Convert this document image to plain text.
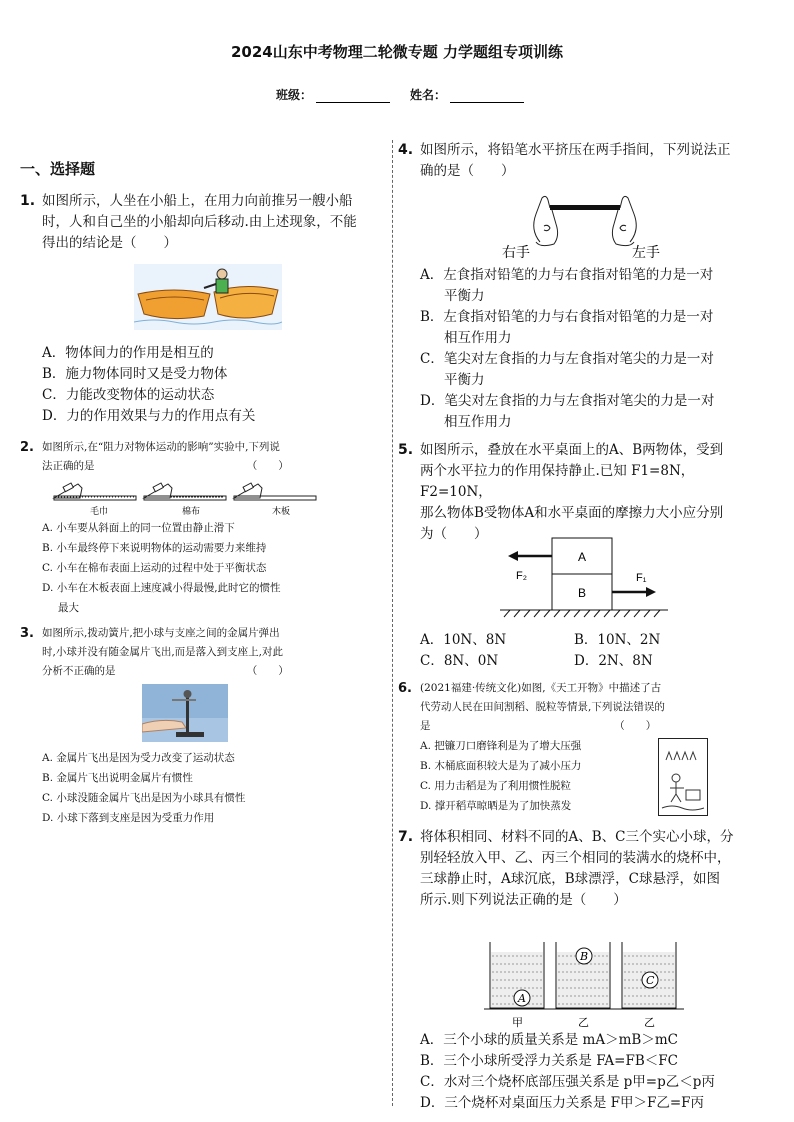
2024山东中考物理二轮微专题 力学题组专项训练
班级：	姓名：
一、选择题
1. 如图所示，人坐在小船上，在用力向前推另一艘小船
时，人和自己坐的小船却向后移动.由上述现象，不能
得出的结论是（　　）
A．物体间力的作用是相互的
B．施力物体同时又是受力物体
C．力能改变物体的运动状态
D．力的作用效果与力的作用点有关
2. 如图所示,在“阻力对物体运动的影响”实验中,下列说
法正确的是　　　　　　　　　　　　　　　（　　）
毛巾	棉布	木板
A. 小车要从斜面上的同一位置由静止滑下
B. 小车最终停下来说明物体的运动需要力来维持
C. 小车在棉布表面上运动的过程中处于平衡状态
D. 小车在木板表面上速度减小得最慢,此时它的惯性
最大
3. 如图所示,拨动簧片,把小球与支座之间的金属片弹出
时,小球并没有随金属片飞出,而是落入到支座上,对此
分析不正确的是　　　　　　　　　　　　　（　　）
A. 金属片飞出是因为受力改变了运动状态
B. 金属片飞出说明金属片有惯性
C. 小球没随金属片飞出是因为小球具有惯性
D. 小球下落到支座是因为受重力作用
4. 如图所示，将铅笔水平挤压在两手指间，下列说法正
确的是（　　）
右手	左手
A．左食指对铅笔的力与右食指对铅笔的力是一对
平衡力
B．左食指对铅笔的力与右食指对铅笔的力是一对
相互作用力
C．笔尖对左食指的力与左食指对笔尖的力是一对
平衡力
D．笔尖对左食指的力与左食指对笔尖的力是一对
相互作用力
5. 如图所示，叠放在水平桌面上的A、B两物体，受到
两个水平拉力的作用保持静止.已知 F1=8N，F2=10N，
那么物体B受物体A和水平桌面的摩擦力大小应分别
为（　　）
A
B
F₂	F₁
A．10N、8N	B．10N、2N
C．8N、0N	D．2N、8N
6. (2021福建·传统文化)如图,《天工开物》中描述了古
代劳动人民在田间割稻、脱粒等情景,下列说法错误的
是　　　　　　　　　　　　　　　　　　（　　）
A. 把镰刀口磨锋利是为了增大压强
B. 木桶底面积较大是为了减小压力
C. 用力击稻是为了利用惯性脱粒
D. 撑开稻草晾晒是为了加快蒸发
7. 将体积相同、材料不同的A、B、C三个实心小球，分
别轻轻放入甲、乙、丙三个相同的装满水的烧杯中，
三球静止时，A球沉底，B球漂浮，C球悬浮，如图
所示.则下列说法正确的是（　　）
A
B
C
甲	乙	乙
A．三个小球的质量关系是 mA＞mB＞mC
B．三个小球所受浮力关系是 FA=FB＜FC
C．水对三个烧杯底部压强关系是 p甲=p乙＜p丙
D．三个烧杯对桌面压力关系是 F甲＞F乙=F丙
